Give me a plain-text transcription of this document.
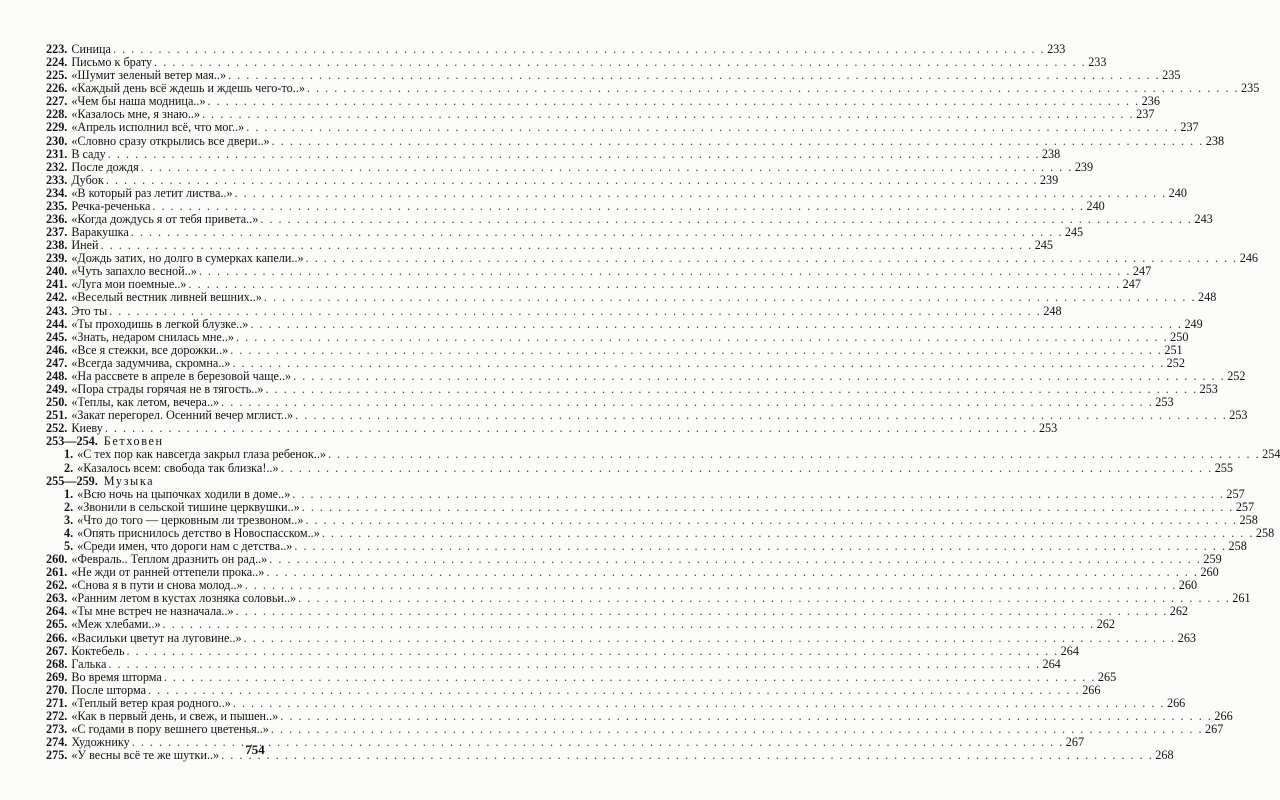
223. Синица . . .	233
224. Письмо к брату . . .	233
225. «Шумит зеленый ветер мая..» . . .	235
226. «Каждый день всё ждешь и ждешь чего-то..» . . .	235
227. «Чем бы наша модница..» . . .	236
228. «Казалось мне, я знаю..» . . .	237
229. «Апрель исполнил всё, что мог..» . . .	237
230. «Словно сразу открылись все двери..» . . .	238
231. В саду . . .	238
232. После дождя . . .	239
233. Дубок . . .	239
234. «В который раз летит листва..» . . .	240
235. Речка-реченька . . .	240
236. «Когда дождусь я от тебя привета..» . . .	243
237. Варакушка . . .	245
238. Иней . . .	245
239. «Дождь затих, но долго в сумерках капели..» . . .	246
240. «Чуть запахло весной..» . . .	247
241. «Луга мои поемные..» . . .	247
242. «Веселый вестник ливней вешних..» . . .	248
243. Это ты . . .	248
244. «Ты проходишь в легкой блузке..» . . .	249
245. «Знать, недаром снилась мне..» . . .	250
246. «Все я стежки, все дорожки..» . . .	251
247. «Всегда задумчива, скромна..» . . .	252
248. «На рассвете в апреле в березовой чаще..» . . .	252
249. «Пора страды горячая не в тягость..» . . .	253
250. «Теплы, как летом, вечера..» . . .	253
251. «Закат перегорел. Осенний вечер мглист..» . . .	253
252. Киеву . . .	253
253—254. Бетховен
1. «С тех пор как навсегда закрыл глаза ребенок..» . . .	254
2. «Казалось всем: свобода так близка!..» . . .	255
255—259. Музыка
1. «Всю ночь на цыпочках ходили в доме..» . . .	257
2. «Звонили в сельской тишине церквушки..» . . .	257
3. «Что до того — церковным ли трезвоном..» . . .	258
4. «Опять приснилось детство в Новоспасском..» . . .	258
5. «Среди имен, что дороги нам с детства..» . . .	258
260. «Февраль.. Теплом дразнить он рад..» . . .	259
261. «Не жди от ранней оттепели прока..» . . .	260
262. «Снова я в пути и снова молод..» . . .	260
263. «Ранним летом в кустах лозняка соловьи..» . . .	261
264. «Ты мне встреч не назначала..» . . .	262
265. «Меж хлебами..» . . .	262
266. «Васильки цветут на луговине..» . . .	263
267. Коктебель . . .	264
268. Галька . . .	264
269. Во время шторма . . .	265
270. После шторма . . .	266
271. «Теплый ветер края родного..» . . .	266
272. «Как в первый день, и свеж, и пышен..» . . .	266
273. «С годами в пору вешнего цветенья..» . . .	267
274. Художнику . . .	267
275. «У весны всё те же шутки..» . . .	268
754
